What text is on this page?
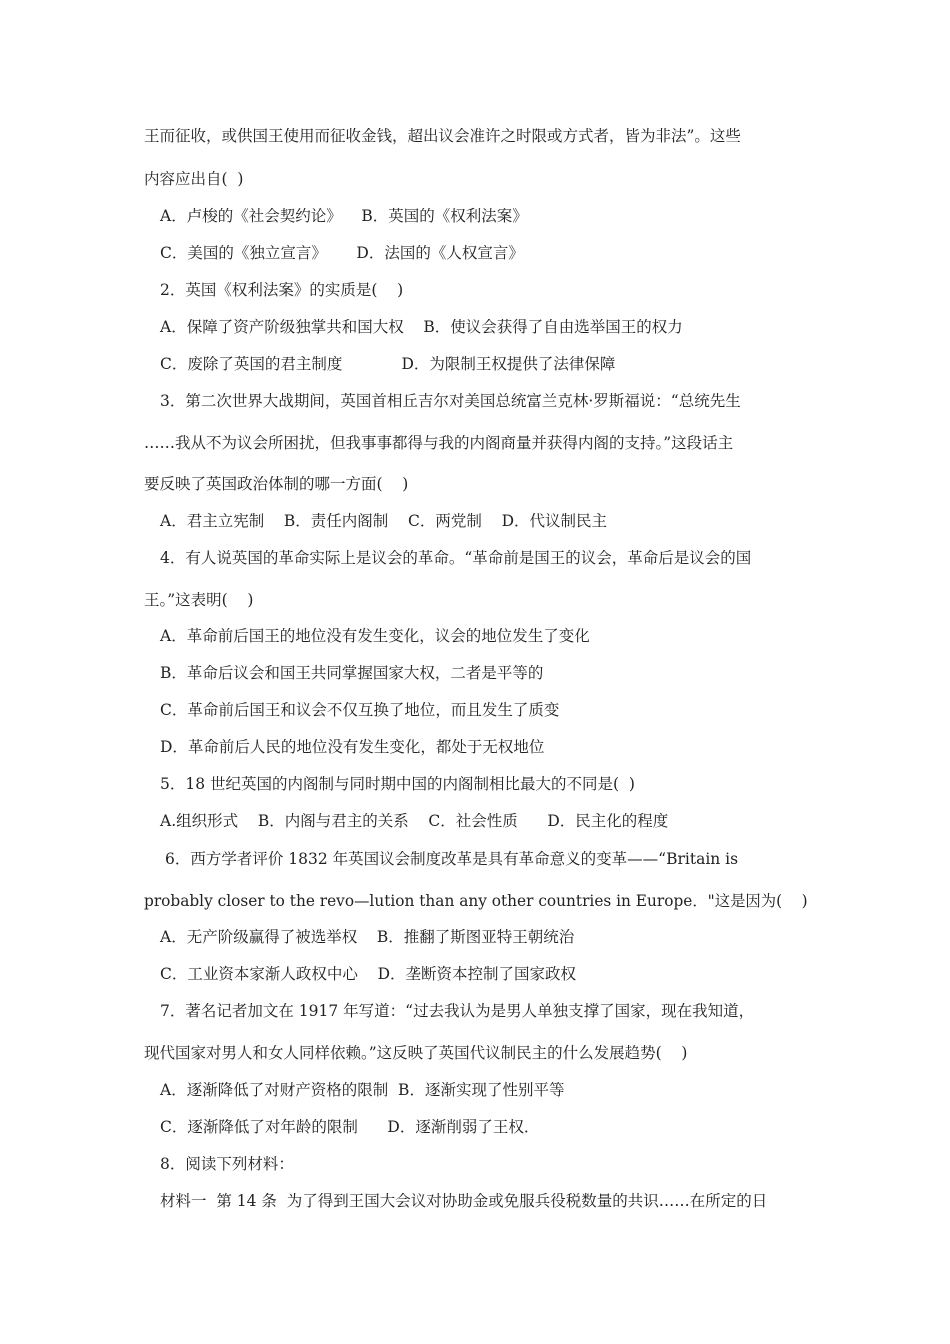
王而征收，或供国王使用而征收金钱，超出议会准许之时限或方式者，皆为非法”。这些
内容应出自(  )
A．卢梭的《社会契约论》    B．英国的《权利法案》
C．美国的《独立宣言》      D．法国的《人权宣言》
2．英国《权利法案》的实质是(    )
A．保障了资产阶级独掌共和国大权    B．使议会获得了自由选举国王的权力
C．废除了英国的君主制度            D．为限制王权提供了法律保障
3．第二次世界大战期间，英国首相丘吉尔对美国总统富兰克林·罗斯福说：“总统先生
……我从不为议会所困扰，但我事事都得与我的内阁商量并获得内阁的支持。”这段话主
要反映了英国政治体制的哪一方面(    )
A．君主立宪制    B．责任内阁制    C．两党制    D．代议制民主
4．有人说英国的革命实际上是议会的革命。“革命前是国王的议会，革命后是议会的国
王。”这表明(    )
A．革命前后国王的地位没有发生变化，议会的地位发生了变化
B．革命后议会和国王共同掌握国家大权，二者是平等的
C．革命前后国王和议会不仅互换了地位，而且发生了质变
D．革命前后人民的地位没有发生变化，都处于无权地位
5．18 世纪英国的内阁制与同时期中国的内阁制相比最大的不同是(  )
A.组织形式    B．内阁与君主的关系    C．社会性质      D．民主化的程度
6．西方学者评价 1832 年英国议会制度改革是具有革命意义的变革——“Britain is
probably closer to the revo—lution than any other countries in Europe．"这是因为(    )
A．无产阶级赢得了被选举权    B．推翻了斯图亚特王朝统治
C．工业资本家渐人政权中心    D．垄断资本控制了国家政权
7．著名记者加文在 1917 年写道：“过去我认为是男人单独支撑了国家，现在我知道，
现代国家对男人和女人同样依赖。”这反映了英国代议制民主的什么发展趋势(    )
A．逐渐降低了对财产资格的限制  B．逐渐实现了性别平等
C．逐渐降低了对年龄的限制      D．逐渐削弱了王权．
8．阅读下列材料：
材料一  第 14 条  为了得到王国大会议对协助金或免服兵役税数量的共识……在所定的日
